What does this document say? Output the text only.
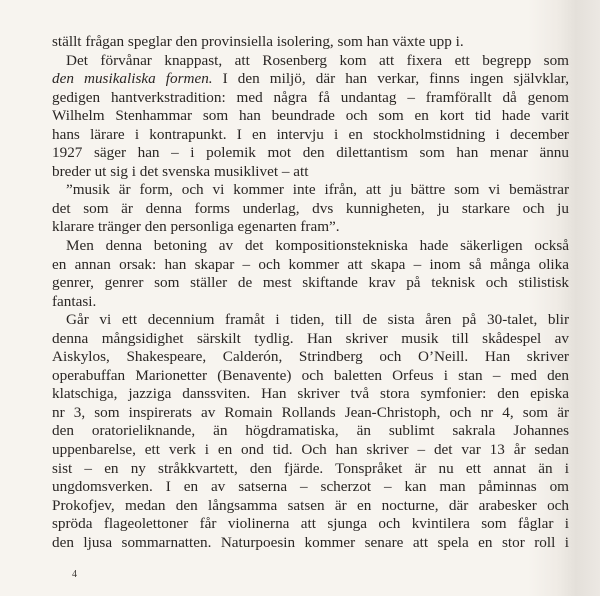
ställt frågan speglar den provinsiella isolering, som han växte upp i.
Det förvånar knappast, att Rosenberg kom att fixera ett begrepp som
den musikaliska formen. I den miljö, där han verkar, finns ingen självklar,
gedigen hantverkstradition: med några få undantag – framförallt då genom
Wilhelm Stenhammar som han beundrade och som en kort tid hade varit
hans lärare i kontrapunkt. I en intervju i en stockholmstidning i december
1927 säger han – i polemik mot den dilettantism som han menar ännu
breder ut sig i det svenska musiklivet – att
”musik är form, och vi kommer inte ifrån, att ju bättre som vi bemästrar
det som är denna forms underlag, dvs kunnigheten, ju starkare och ju
klarare tränger den personliga egenarten fram”.
Men denna betoning av det kompositionstekniska hade säkerligen också
en annan orsak: han skapar – och kommer att skapa – inom så många olika
genrer, genrer som ställer de mest skiftande krav på teknisk och stilistisk
fantasi.
Går vi ett decennium framåt i tiden, till de sista åren på 30-talet, blir
denna mångsidighet särskilt tydlig. Han skriver musik till skådespel av
Aiskylos, Shakespeare, Calderón, Strindberg och O’Neill. Han skriver
operabuffan Marionetter (Benavente) och baletten Orfeus i stan – med den
klatschiga, jazziga danssviten. Han skriver två stora symfonier: den episka
nr 3, som inspirerats av Romain Rollands Jean-Christoph, och nr 4, som är
den oratorieliknande, än högdramatiska, än sublimt sakrala Johannes
uppenbarelse, ett verk i en ond tid. Och han skriver – det var 13 år sedan
sist – en ny stråkkvartett, den fjärde. Tonspråket är nu ett annat än i
ungdomsverken. I en av satserna – scherzot – kan man påminnas om
Prokofjev, medan den långsamma satsen är en nocturne, där arabesker och
spröda flageolettoner får violinerna att sjunga och kvintilera som fåglar i
den ljusa sommarnatten. Naturpoesin kommer senare att spela en stor roll i
4
